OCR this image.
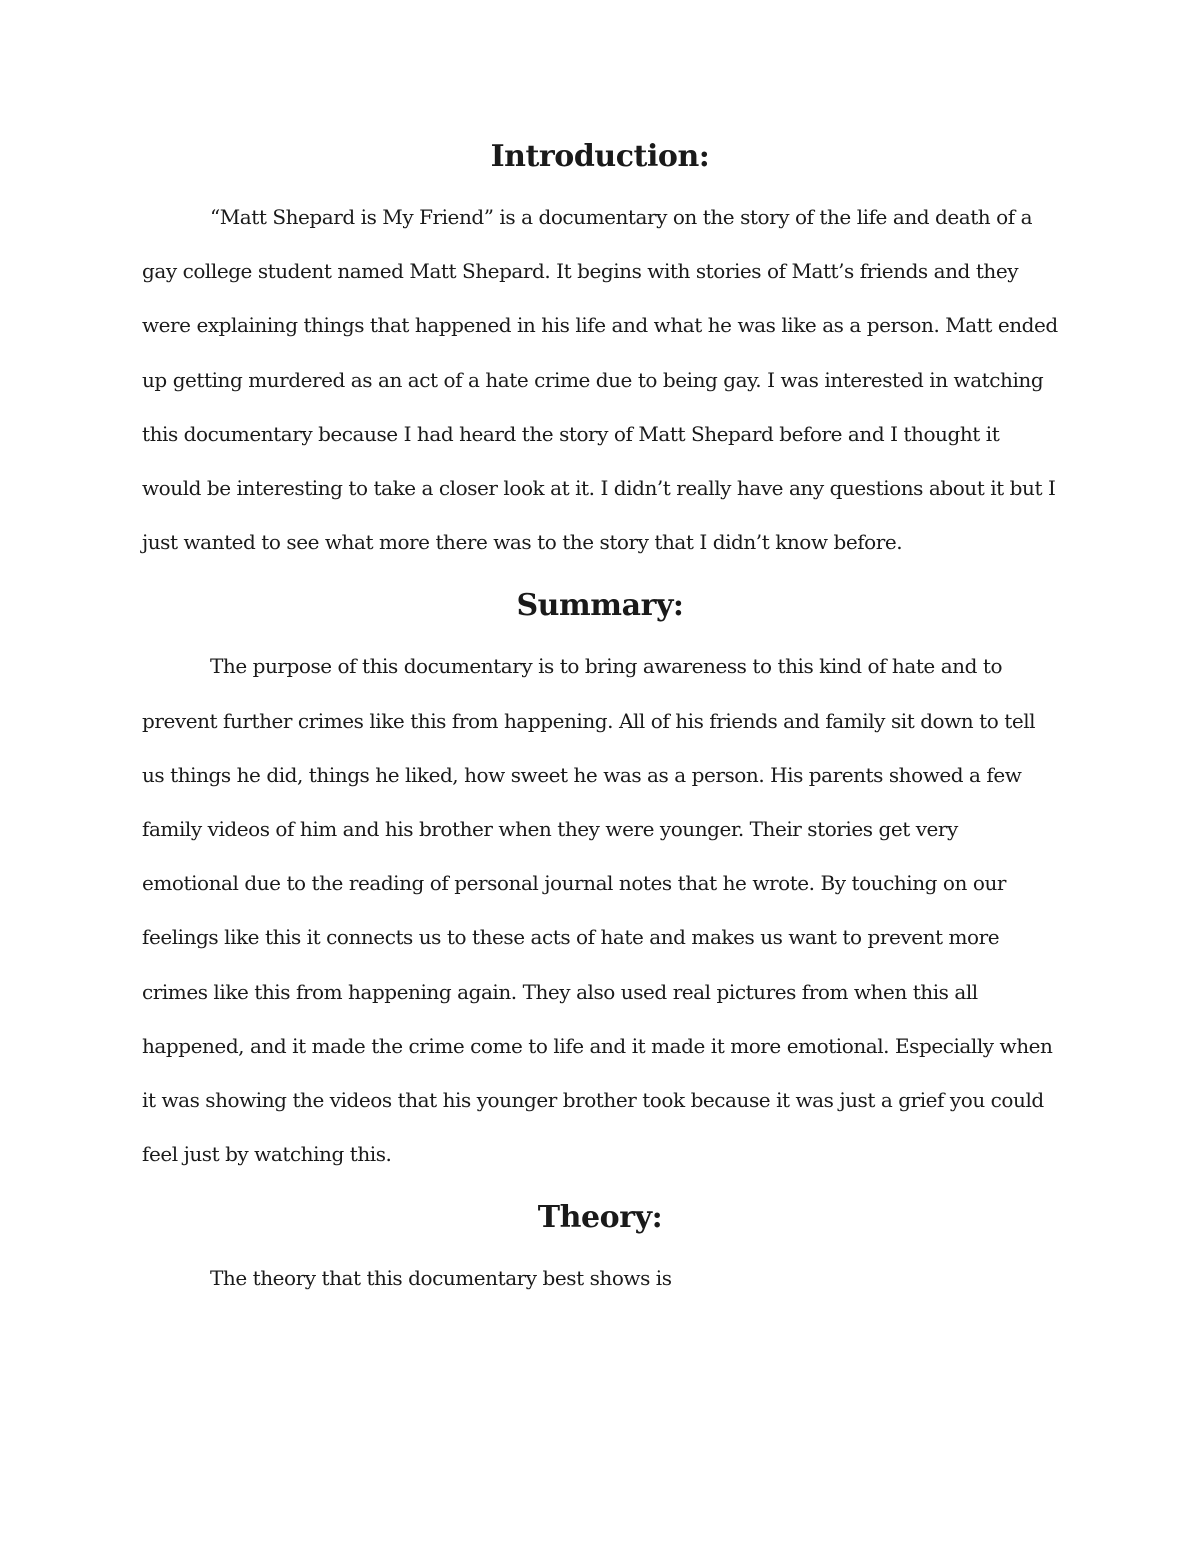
Introduction:

“Matt Shepard is My Friend” is a documentary on the story of the life and death of a gay college student named Matt Shepard. It begins with stories of Matt’s friends and they were explaining things that happened in his life and what he was like as a person. Matt ended up getting murdered as an act of a hate crime due to being gay. I was interested in watching this documentary because I had heard the story of Matt Shepard before and I thought it would be interesting to take a closer look at it. I didn’t really have any questions about it but I just wanted to see what more there was to the story that I didn’t know before.

Summary:

The purpose of this documentary is to bring awareness to this kind of hate and to prevent further crimes like this from happening. All of his friends and family sit down to tell us things he did, things he liked, how sweet he was as a person. His parents showed a few family videos of him and his brother when they were younger. Their stories get very emotional due to the reading of personal journal notes that he wrote. By touching on our feelings like this it connects us to these acts of hate and makes us want to prevent more crimes like this from happening again. They also used real pictures from when this all happened, and it made the crime come to life and it made it more emotional. Especially when it was showing the videos that his younger brother took because it was just a grief you could feel just by watching this.

Theory:

The theory that this documentary best shows is
